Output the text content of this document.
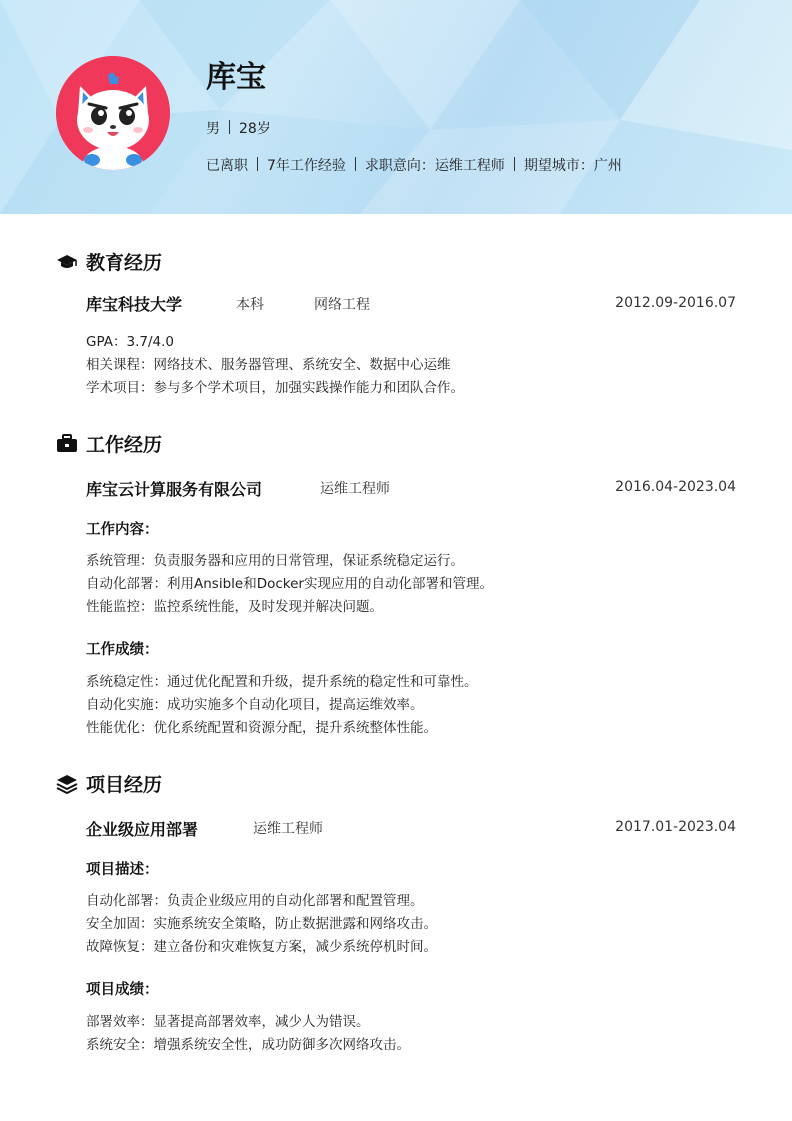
库宝
男 28岁
已离职 7年工作经验 求职意向：运维工程师 期望城市：广州
教育经历
库宝科技大学	本科	网络工程	2012.09-2016.07
GPA：3.7/4.0
相关课程：网络技术、服务器管理、系统安全、数据中心运维
学术项目：参与多个学术项目，加强实践操作能力和团队合作。
工作经历
库宝云计算服务有限公司	运维工程师	2016.04-2023.04
工作内容：
系统管理：负责服务器和应用的日常管理，保证系统稳定运行。
自动化部署：利用Ansible和Docker实现应用的自动化部署和管理。
性能监控：监控系统性能，及时发现并解决问题。
工作成绩：
系统稳定性：通过优化配置和升级，提升系统的稳定性和可靠性。
自动化实施：成功实施多个自动化项目，提高运维效率。
性能优化：优化系统配置和资源分配，提升系统整体性能。
项目经历
企业级应用部署	运维工程师	2017.01-2023.04
项目描述：
自动化部署：负责企业级应用的自动化部署和配置管理。
安全加固：实施系统安全策略，防止数据泄露和网络攻击。
故障恢复：建立备份和灾难恢复方案，减少系统停机时间。
项目成绩：
部署效率：显著提高部署效率，减少人为错误。
系统安全：增强系统安全性，成功防御多次网络攻击。
